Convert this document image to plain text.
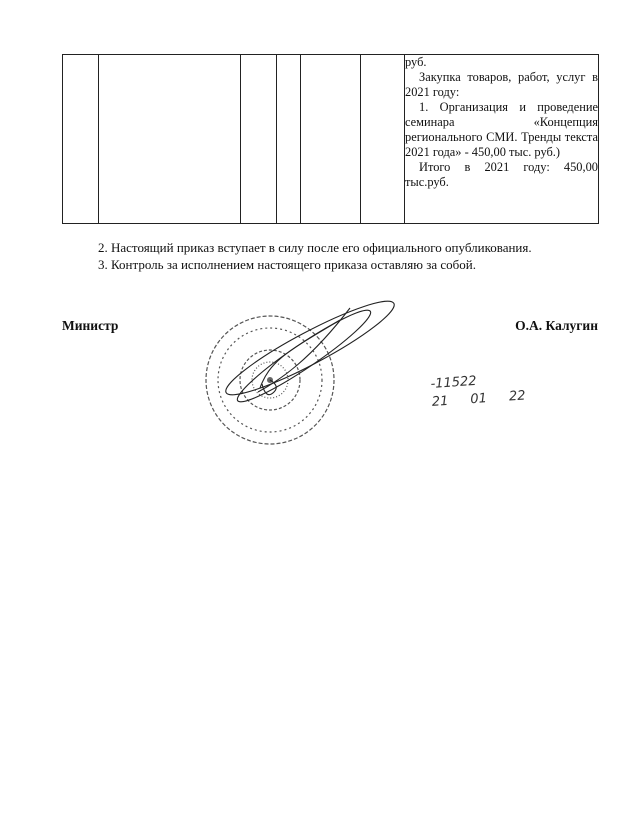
руб.

Закупка товаров, работ, услуг в 2021 году:

1. Организация и проведение семинара «Концепция регионального СМИ. Тренды текста 2021 года» - 450,00 тыс. руб.)

Итого в 2021 году: 450,00 тыс.руб.

2. Настоящий приказ вступает в силу после его официального опубликования.
3. Контроль за исполнением настоящего приказа оставляю за собой.
Министр	О.А. Калугин
-11522
21 01 22
